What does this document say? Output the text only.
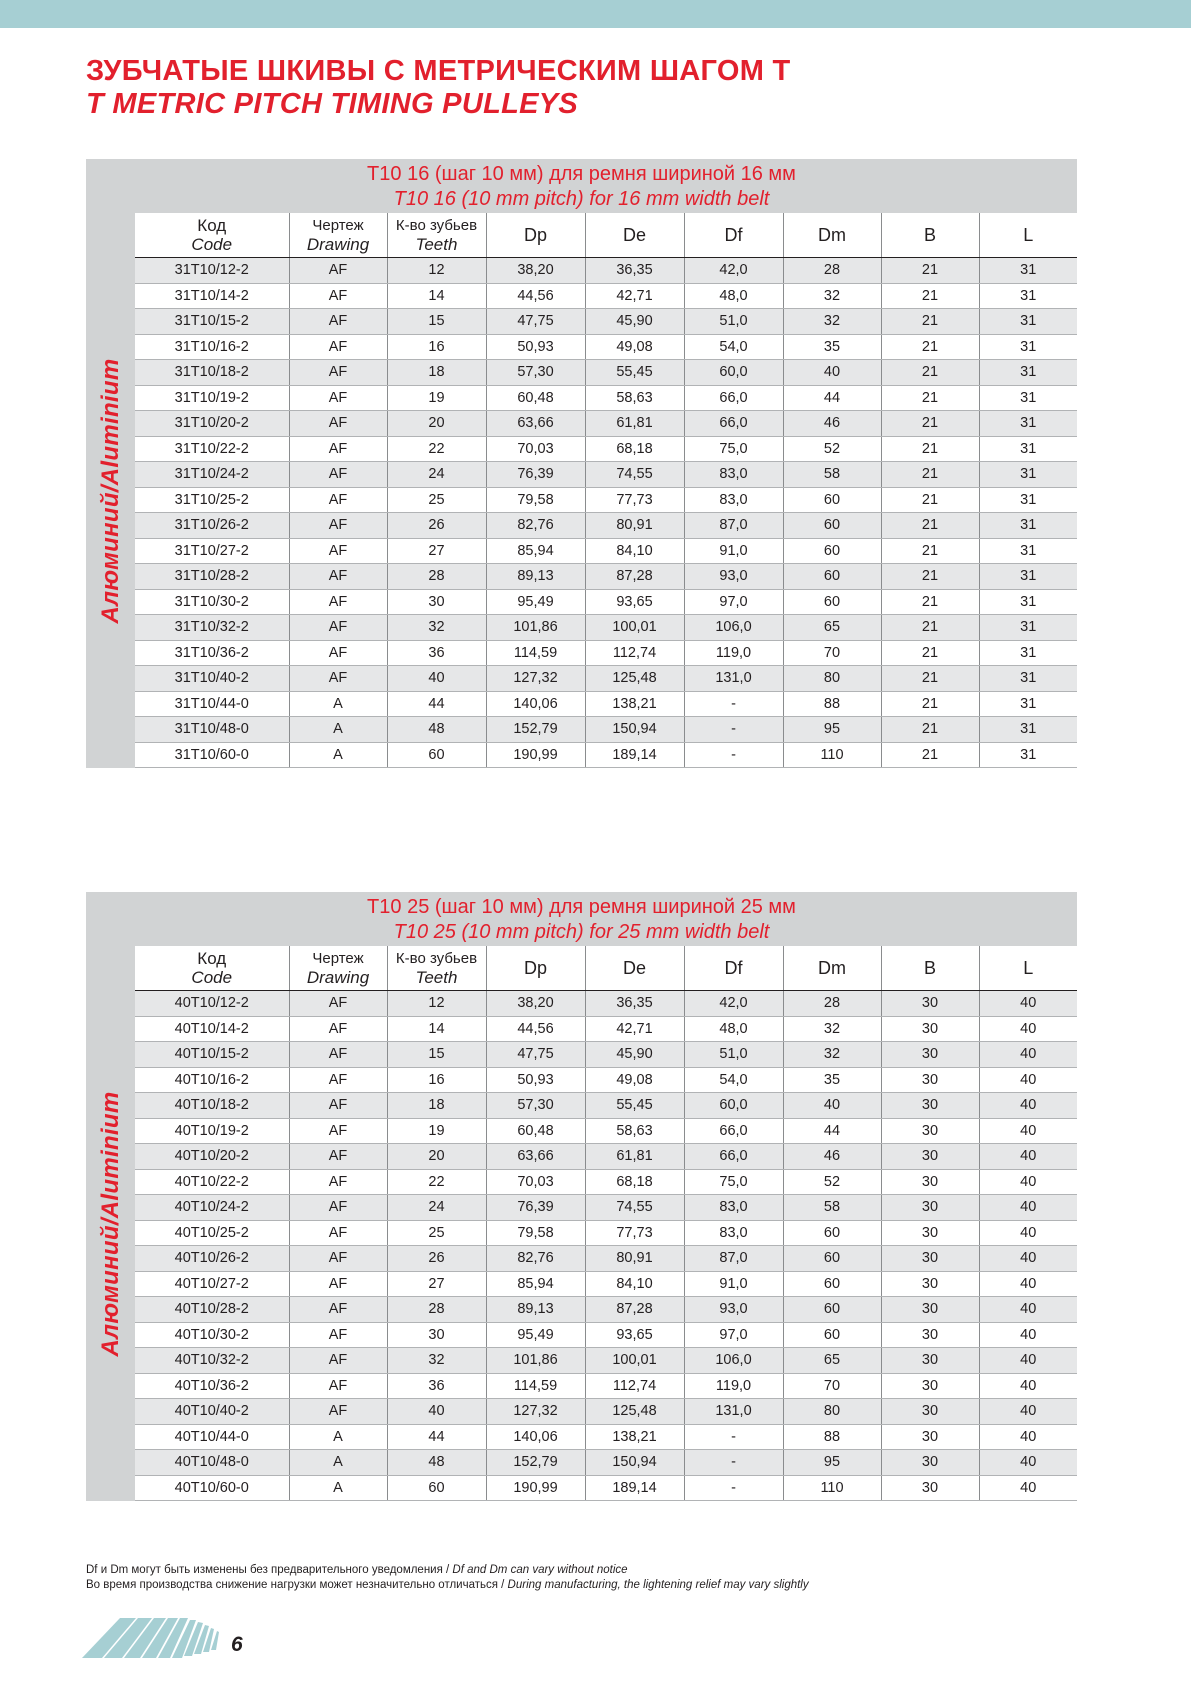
ЗУБЧАТЫЕ ШКИВЫ С МЕТРИЧЕСКИМ ШАГОМ Т
T METRIC PITCH TIMING PULLEYS
T10 16 (шаг 10 мм) для ремня шириной 16 мм
T10 16 (10 mm pitch) for 16 mm width belt
Алюминий/Aluminium
Код
Code	Чертеж
Drawing	К-во зубьев
Teeth	Dp	De	Df	Dm	B	L
31T10/12-2	AF	12	38,20	36,35	42,0	28	21	31
31T10/14-2	AF	14	44,56	42,71	48,0	32	21	31
31T10/15-2	AF	15	47,75	45,90	51,0	32	21	31
31T10/16-2	AF	16	50,93	49,08	54,0	35	21	31
31T10/18-2	AF	18	57,30	55,45	60,0	40	21	31
31T10/19-2	AF	19	60,48	58,63	66,0	44	21	31
31T10/20-2	AF	20	63,66	61,81	66,0	46	21	31
31T10/22-2	AF	22	70,03	68,18	75,0	52	21	31
31T10/24-2	AF	24	76,39	74,55	83,0	58	21	31
31T10/25-2	AF	25	79,58	77,73	83,0	60	21	31
31T10/26-2	AF	26	82,76	80,91	87,0	60	21	31
31T10/27-2	AF	27	85,94	84,10	91,0	60	21	31
31T10/28-2	AF	28	89,13	87,28	93,0	60	21	31
31T10/30-2	AF	30	95,49	93,65	97,0	60	21	31
31T10/32-2	AF	32	101,86	100,01	106,0	65	21	31
31T10/36-2	AF	36	114,59	112,74	119,0	70	21	31
31T10/40-2	AF	40	127,32	125,48	131,0	80	21	31
31T10/44-0	A	44	140,06	138,21	-	88	21	31
31T10/48-0	A	48	152,79	150,94	-	95	21	31
31T10/60-0	A	60	190,99	189,14	-	110	21	31
T10 25 (шаг 10 мм) для ремня шириной 25 мм
T10 25 (10 mm pitch) for 25 mm width belt
Алюминий/Aluminium
Код
Code	Чертеж
Drawing	К-во зубьев
Teeth	Dp	De	Df	Dm	B	L
40T10/12-2	AF	12	38,20	36,35	42,0	28	30	40
40T10/14-2	AF	14	44,56	42,71	48,0	32	30	40
40T10/15-2	AF	15	47,75	45,90	51,0	32	30	40
40T10/16-2	AF	16	50,93	49,08	54,0	35	30	40
40T10/18-2	AF	18	57,30	55,45	60,0	40	30	40
40T10/19-2	AF	19	60,48	58,63	66,0	44	30	40
40T10/20-2	AF	20	63,66	61,81	66,0	46	30	40
40T10/22-2	AF	22	70,03	68,18	75,0	52	30	40
40T10/24-2	AF	24	76,39	74,55	83,0	58	30	40
40T10/25-2	AF	25	79,58	77,73	83,0	60	30	40
40T10/26-2	AF	26	82,76	80,91	87,0	60	30	40
40T10/27-2	AF	27	85,94	84,10	91,0	60	30	40
40T10/28-2	AF	28	89,13	87,28	93,0	60	30	40
40T10/30-2	AF	30	95,49	93,65	97,0	60	30	40
40T10/32-2	AF	32	101,86	100,01	106,0	65	30	40
40T10/36-2	AF	36	114,59	112,74	119,0	70	30	40
40T10/40-2	AF	40	127,32	125,48	131,0	80	30	40
40T10/44-0	A	44	140,06	138,21	-	88	30	40
40T10/48-0	A	48	152,79	150,94	-	95	30	40
40T10/60-0	A	60	190,99	189,14	-	110	30	40
Df и Dm могут быть изменены без предварительного уведомления / Df and Dm can vary without notice
Во время производства снижение нагрузки может незначительно отличаться / During manufacturing, the lightening relief may vary slightly
6
